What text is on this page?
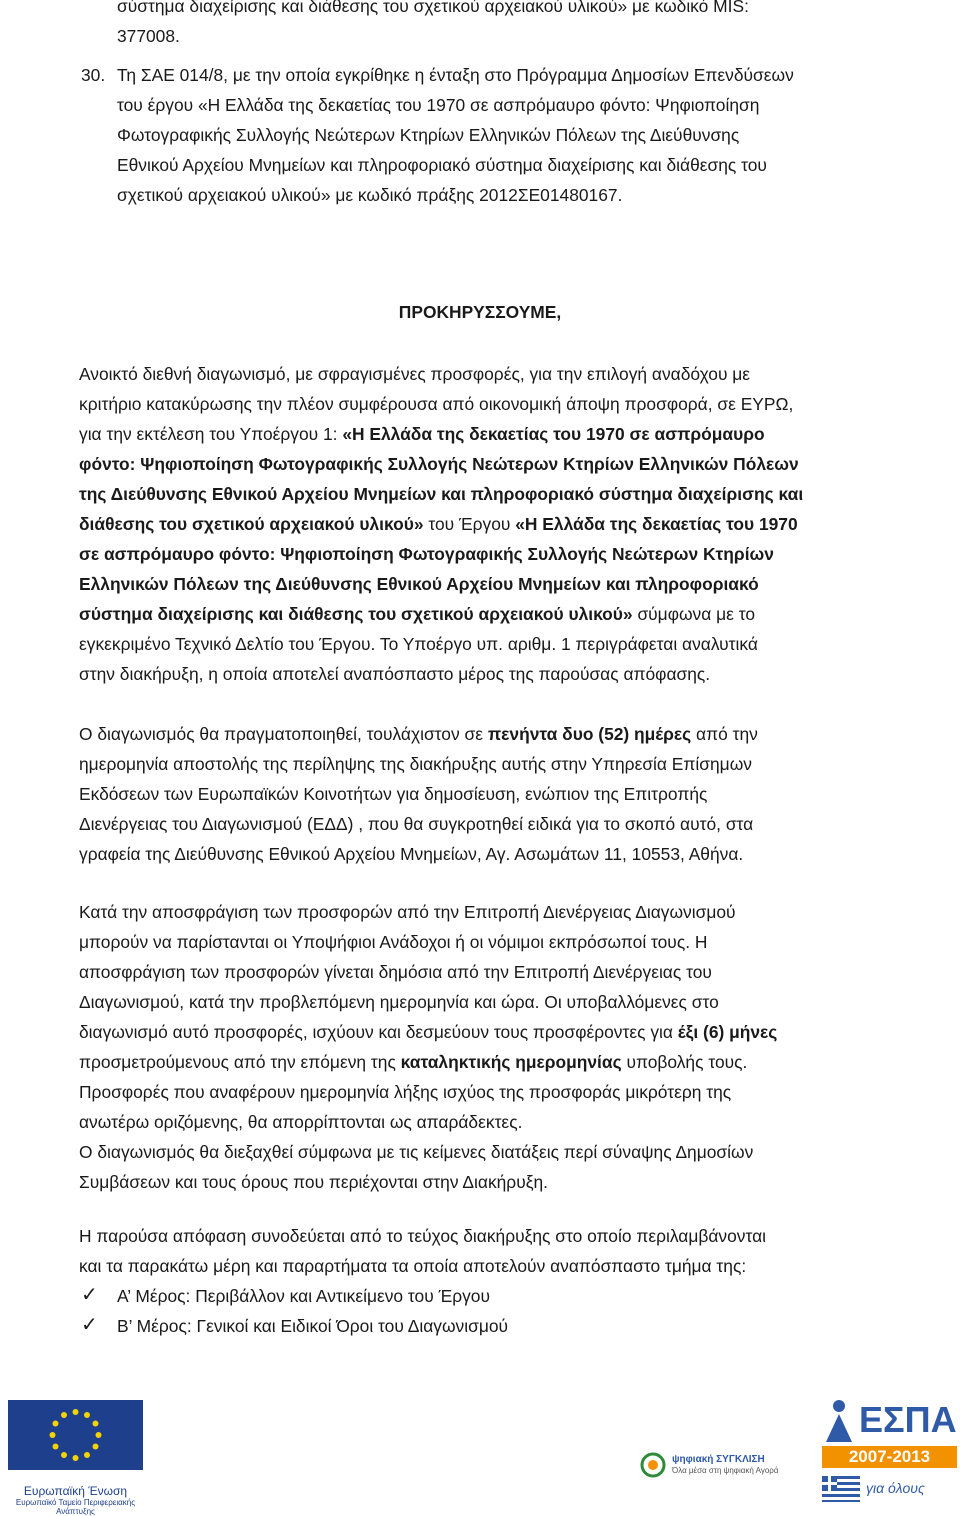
σύστημα διαχείρισης και διάθεσης του σχετικού αρχειακού υλικού» με κωδικό MIS:
377008.
30. Τη ΣΑΕ 014/8, με την οποία εγκρίθηκε η ένταξη στο Πρόγραμμα Δημοσίων Επενδύσεων
του έργου «Η Ελλάδα της δεκαετίας του 1970 σε ασπρόμαυρο φόντο: Ψηφιοποίηση
Φωτογραφικής Συλλογής Νεώτερων Κτηρίων Ελληνικών Πόλεων της Διεύθυνσης
Εθνικού Αρχείου Μνημείων και πληροφοριακό σύστημα διαχείρισης και διάθεσης του
σχετικού αρχειακού υλικού» με κωδικό πράξης 2012ΣΕ01480167.
ΠΡΟΚΗΡΥΣΣΟΥΜΕ,
Ανοικτό διεθνή διαγωνισμό, με σφραγισμένες προσφορές, για την επιλογή αναδόχου με
κριτήριο κατακύρωσης την πλέον συμφέρουσα από οικονομική άποψη προσφορά, σε ΕΥΡΩ,
για την εκτέλεση του Υποέργου 1: «Η Ελλάδα της δεκαετίας του 1970 σε ασπρόμαυρο
φόντο: Ψηφιοποίηση Φωτογραφικής Συλλογής Νεώτερων Κτηρίων Ελληνικών Πόλεων
της Διεύθυνσης Εθνικού Αρχείου Μνημείων και πληροφοριακό σύστημα διαχείρισης και
διάθεσης του σχετικού αρχειακού υλικού» του Έργου «Η Ελλάδα της δεκαετίας του 1970
σε ασπρόμαυρο φόντο: Ψηφιοποίηση Φωτογραφικής Συλλογής Νεώτερων Κτηρίων
Ελληνικών Πόλεων της Διεύθυνσης Εθνικού Αρχείου Μνημείων και πληροφοριακό
σύστημα διαχείρισης και διάθεσης του σχετικού αρχειακού υλικού» σύμφωνα με το
εγκεκριμένο Τεχνικό Δελτίο του Έργου. Το Υποέργο υπ. αριθμ. 1 περιγράφεται αναλυτικά
στην διακήρυξη, η οποία αποτελεί αναπόσπαστο μέρος της παρούσας απόφασης.
Ο διαγωνισμός θα πραγματοποιηθεί, τουλάχιστον σε πενήντα δυο (52) ημέρες από την
ημερομηνία αποστολής της περίληψης της διακήρυξης αυτής στην Υπηρεσία Επίσημων
Εκδόσεων των Ευρωπαϊκών Κοινοτήτων για δημοσίευση, ενώπιον της Επιτροπής
Διενέργειας του Διαγωνισμού (ΕΔΔ) , που θα συγκροτηθεί ειδικά για το σκοπό αυτό, στα
γραφεία της Διεύθυνσης Εθνικού Αρχείου Μνημείων, Αγ. Ασωμάτων 11, 10553, Αθήνα.
Κατά την αποσφράγιση των προσφορών από την Επιτροπή Διενέργειας Διαγωνισμού
μπορούν να παρίστανται οι Υποψήφιοι Ανάδοχοι ή οι νόμιμοι εκπρόσωποί τους. Η
αποσφράγιση των προσφορών γίνεται δημόσια από την Επιτροπή Διενέργειας του
Διαγωνισμού, κατά την προβλεπόμενη ημερομηνία και ώρα. Οι υποβαλλόμενες στο
διαγωνισμό αυτό προσφορές, ισχύουν και δεσμεύουν τους προσφέροντες για έξι (6) μήνες
προσμετρούμενους από την επόμενη της καταληκτικής ημερομηνίας υποβολής τους.
Προσφορές που αναφέρουν ημερομηνία λήξης ισχύος της προσφοράς μικρότερη της
ανωτέρω οριζόμενης, θα απορρίπτονται ως απαράδεκτες.
Ο διαγωνισμός θα διεξαχθεί σύμφωνα με τις κείμενες διατάξεις περί σύναψης Δημοσίων
Συμβάσεων και τους όρους που περιέχονται στην Διακήρυξη.
Η παρούσα απόφαση συνοδεύεται από το τεύχος διακήρυξης στο οποίο περιλαμβάνονται
και τα παρακάτω μέρη και παραρτήματα τα οποία αποτελούν αναπόσπαστο τμήμα της:
✓ Α’ Μέρος: Περιβάλλον και Αντικείμενο του Έργου
✓ Β’ Μέρος: Γενικοί και Ειδικοί Όροι του Διαγωνισμού
Ευρωπαϊκή Ένωση
Ευρωπαϊκό Ταμείο Περιφερειακής Ανάπτυξης
ψηφιακή ΣΥΓΚΛΙΣΗ
Όλα μέσα στη ψηφιακή Αγορά
ΕΣΠΑ
2007-2013
για όλους
